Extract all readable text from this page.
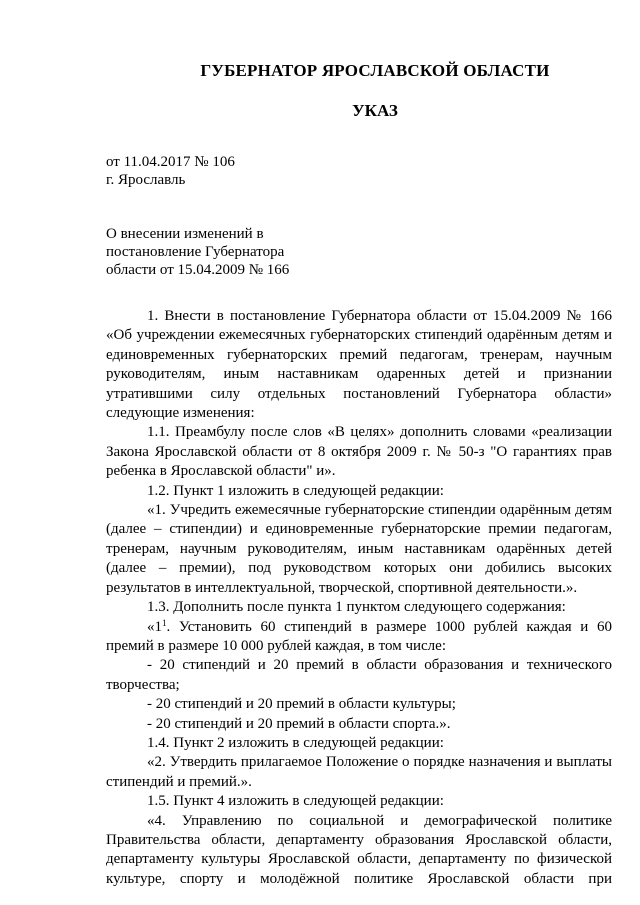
ГУБЕРНАТОР ЯРОСЛАВСКОЙ ОБЛАСТИ
УКАЗ
от 11.04.2017 № 106
г. Ярославль
О внесении изменений в
постановление Губернатора
области от 15.04.2009 № 166
1. Внести в постановление Губернатора области от 15.04.2009 № 166 «Об учреждении ежемесячных губернаторских стипендий одарённым детям и единовременных губернаторских премий педагогам, тренерам, научным руководителям, иным наставникам одаренных детей и признании утратившими силу отдельных постановлений Губернатора области» следующие изменения:
1.1. Преамбулу после слов «В целях» дополнить словами «реализации Закона Ярославской области от 8 октября 2009 г. № 50-з "О гарантиях прав ребенка в Ярославской области" и».
1.2. Пункт 1 изложить в следующей редакции:
«1. Учредить ежемесячные губернаторские стипендии одарённым детям (далее – стипендии) и единовременные губернаторские премии педагогам, тренерам, научным руководителям, иным наставникам одарённых детей (далее – премии), под руководством которых они добились высоких результатов в интеллектуальной, творческой, спортивной деятельности.».
1.3. Дополнить после пункта 1 пунктом следующего содержания:
«$1^1$. Установить 60 стипендий в размере 1000 рублей каждая и 60 премий в размере 10 000 рублей каждая, в том числе:
- 20 стипендий и 20 премий в области образования и технического творчества;
- 20 стипендий и 20 премий в области культуры;
- 20 стипендий и 20 премий в области спорта.».
1.4. Пункт 2 изложить в следующей редакции:
«2. Утвердить прилагаемое Положение о порядке назначения и выплаты стипендий и премий.».
1.5. Пункт 4 изложить в следующей редакции:
«4. Управлению по социальной и демографической политике Правительства области, департаменту образования Ярославской области, департаменту культуры Ярославской области, департаменту по физической культуре, спорту и молодёжной политике Ярославской области при
